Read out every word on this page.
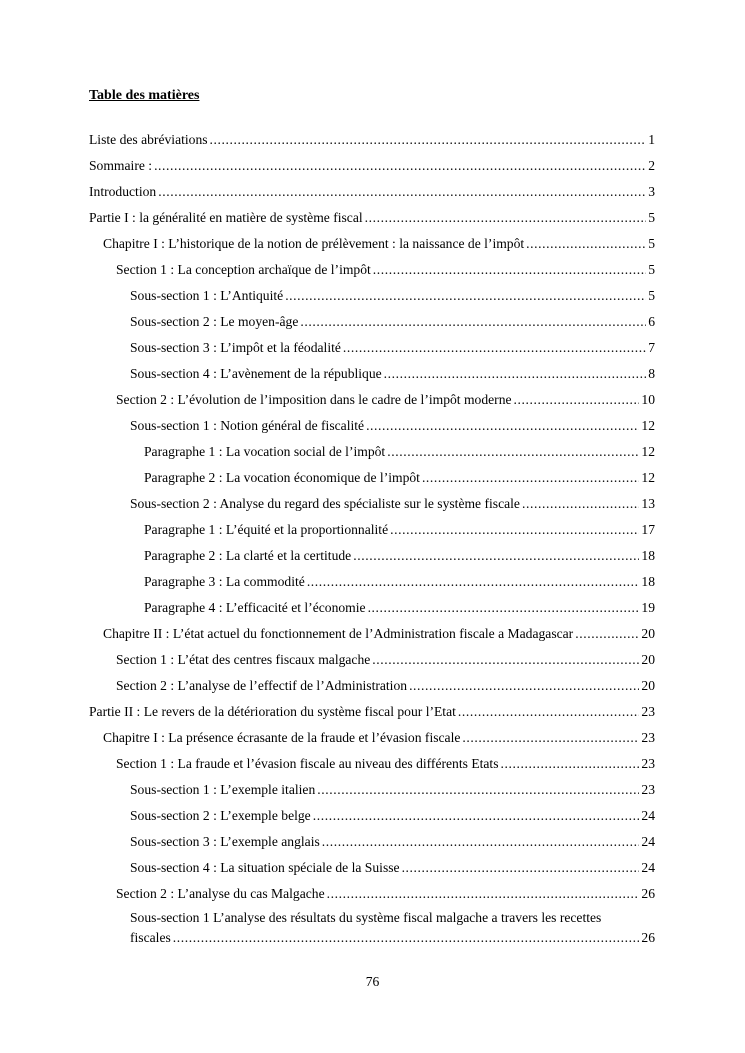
Table des matières
Liste des abréviations .....	1
Sommaire : .....	2
Introduction .....	3
Partie I : la généralité en matière de système fiscal .....	5
Chapitre I : L’historique de la notion de prélèvement : la naissance de l’impôt .....	5
Section 1 : La conception archaïque de l’impôt .....	5
Sous-section 1 : L’Antiquité .....	5
Sous-section 2 : Le moyen-âge .....	6
Sous-section 3 : L’impôt et la féodalité .....	7
Sous-section 4 : L’avènement de la république .....	8
Section 2 : L’évolution de l’imposition dans le cadre de l’impôt moderne .....	10
Sous-section 1 : Notion général de fiscalité .....	12
Paragraphe 1 : La vocation social de l’impôt .....	12
Paragraphe 2 : La vocation économique de l’impôt .....	12
Sous-section 2 : Analyse du regard des spécialiste sur le système fiscale .....	13
Paragraphe 1 : L’équité et la proportionnalité .....	17
Paragraphe 2 : La clarté et la certitude .....	18
Paragraphe 3 : La commodité .....	18
Paragraphe 4 : L’efficacité et l’économie .....	19
Chapitre II : L’état actuel du fonctionnement de l’Administration fiscale a Madagascar .....	20
Section 1 : L’état des centres fiscaux malgache .....	20
Section 2 : L’analyse de l’effectif de l’Administration .....	20
Partie II : Le revers de la détérioration du système fiscal pour l’Etat .....	23
Chapitre I : La présence écrasante de la fraude et l’évasion fiscale .....	23
Section 1 : La fraude et l’évasion fiscale au niveau des différents Etats .....	23
Sous-section 1 : L’exemple italien .....	23
Sous-section 2 : L’exemple belge .....	24
Sous-section 3 : L’exemple anglais .....	24
Sous-section 4 : La situation spéciale de la Suisse .....	24
Section 2 : L’analyse du cas Malgache .....	26
Sous-section 1 L’analyse des résultats du système fiscal malgache a travers les recettes
fiscales .....	26
76
